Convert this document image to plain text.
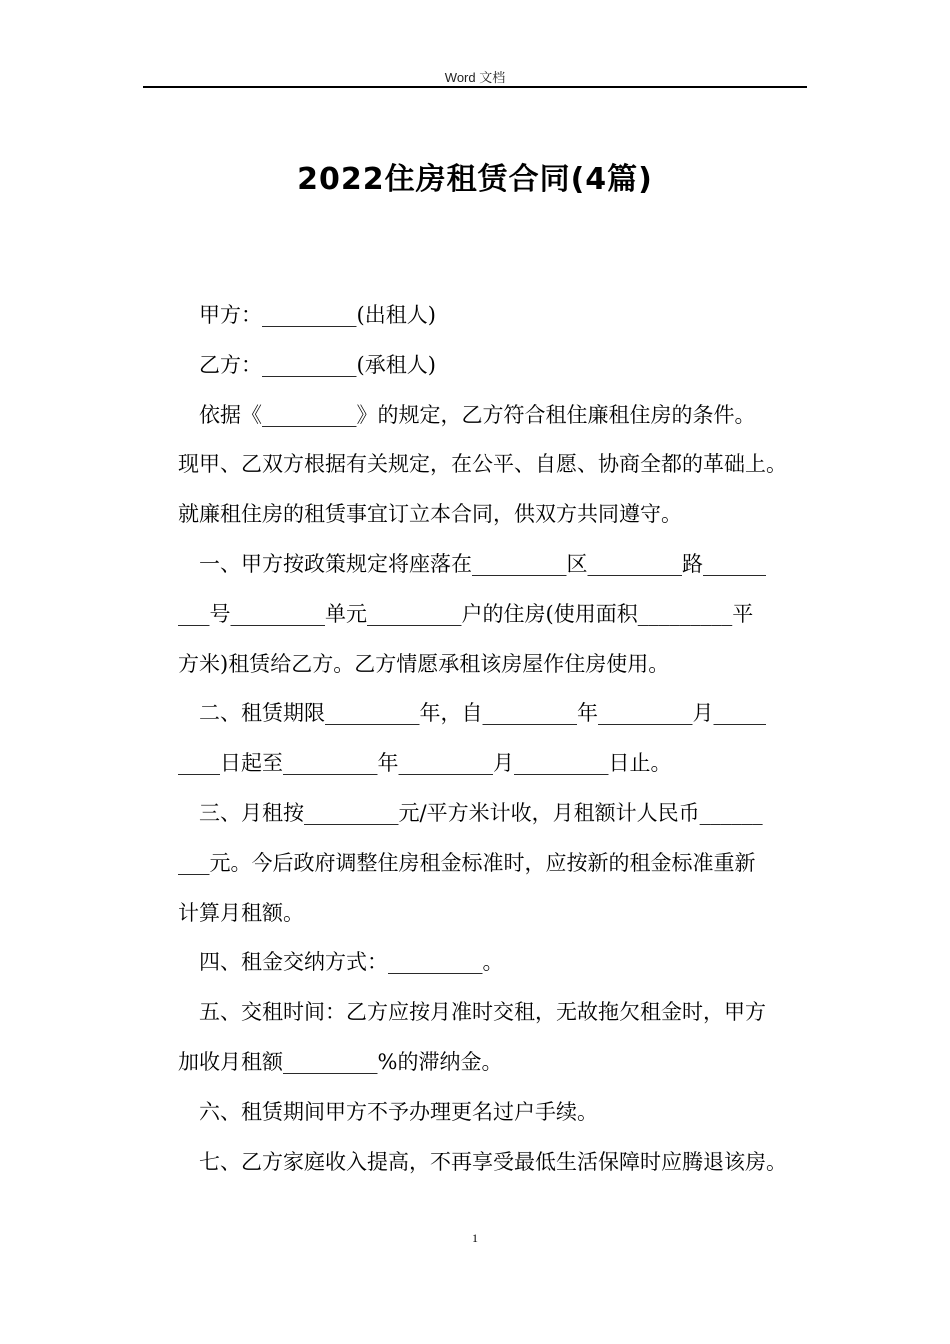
Word 文档
2022住房租赁合同(4篇)
甲方：_________(出租人)
乙方：_________(承租人)
依据《_________》的规定，乙方符合租住廉租住房的条件。
现甲、乙双方根据有关规定，在公平、自愿、协商全都的革础上。
就廉租住房的租赁事宜订立本合同，供双方共同遵守。
一、甲方按政策规定将座落在_________区_________路______
___号_________单元_________户的住房(使用面积_________平
方米)租赁给乙方。乙方情愿承租该房屋作住房使用。
二、租赁期限_________年，自_________年_________月_____
____日起至_________年_________月_________日止。
三、月租按_________元/平方米计收，月租额计人民币______
___元。今后政府调整住房租金标准时，应按新的租金标准重新
计算月租额。
四、租金交纳方式：_________。
五、交租时间：乙方应按月准时交租，无故拖欠租金时，甲方
加收月租额_________%的滞纳金。
六、租赁期间甲方不予办理更名过户手续。
七、乙方家庭收入提高，不再享受最低生活保障时应腾退该房。
1
